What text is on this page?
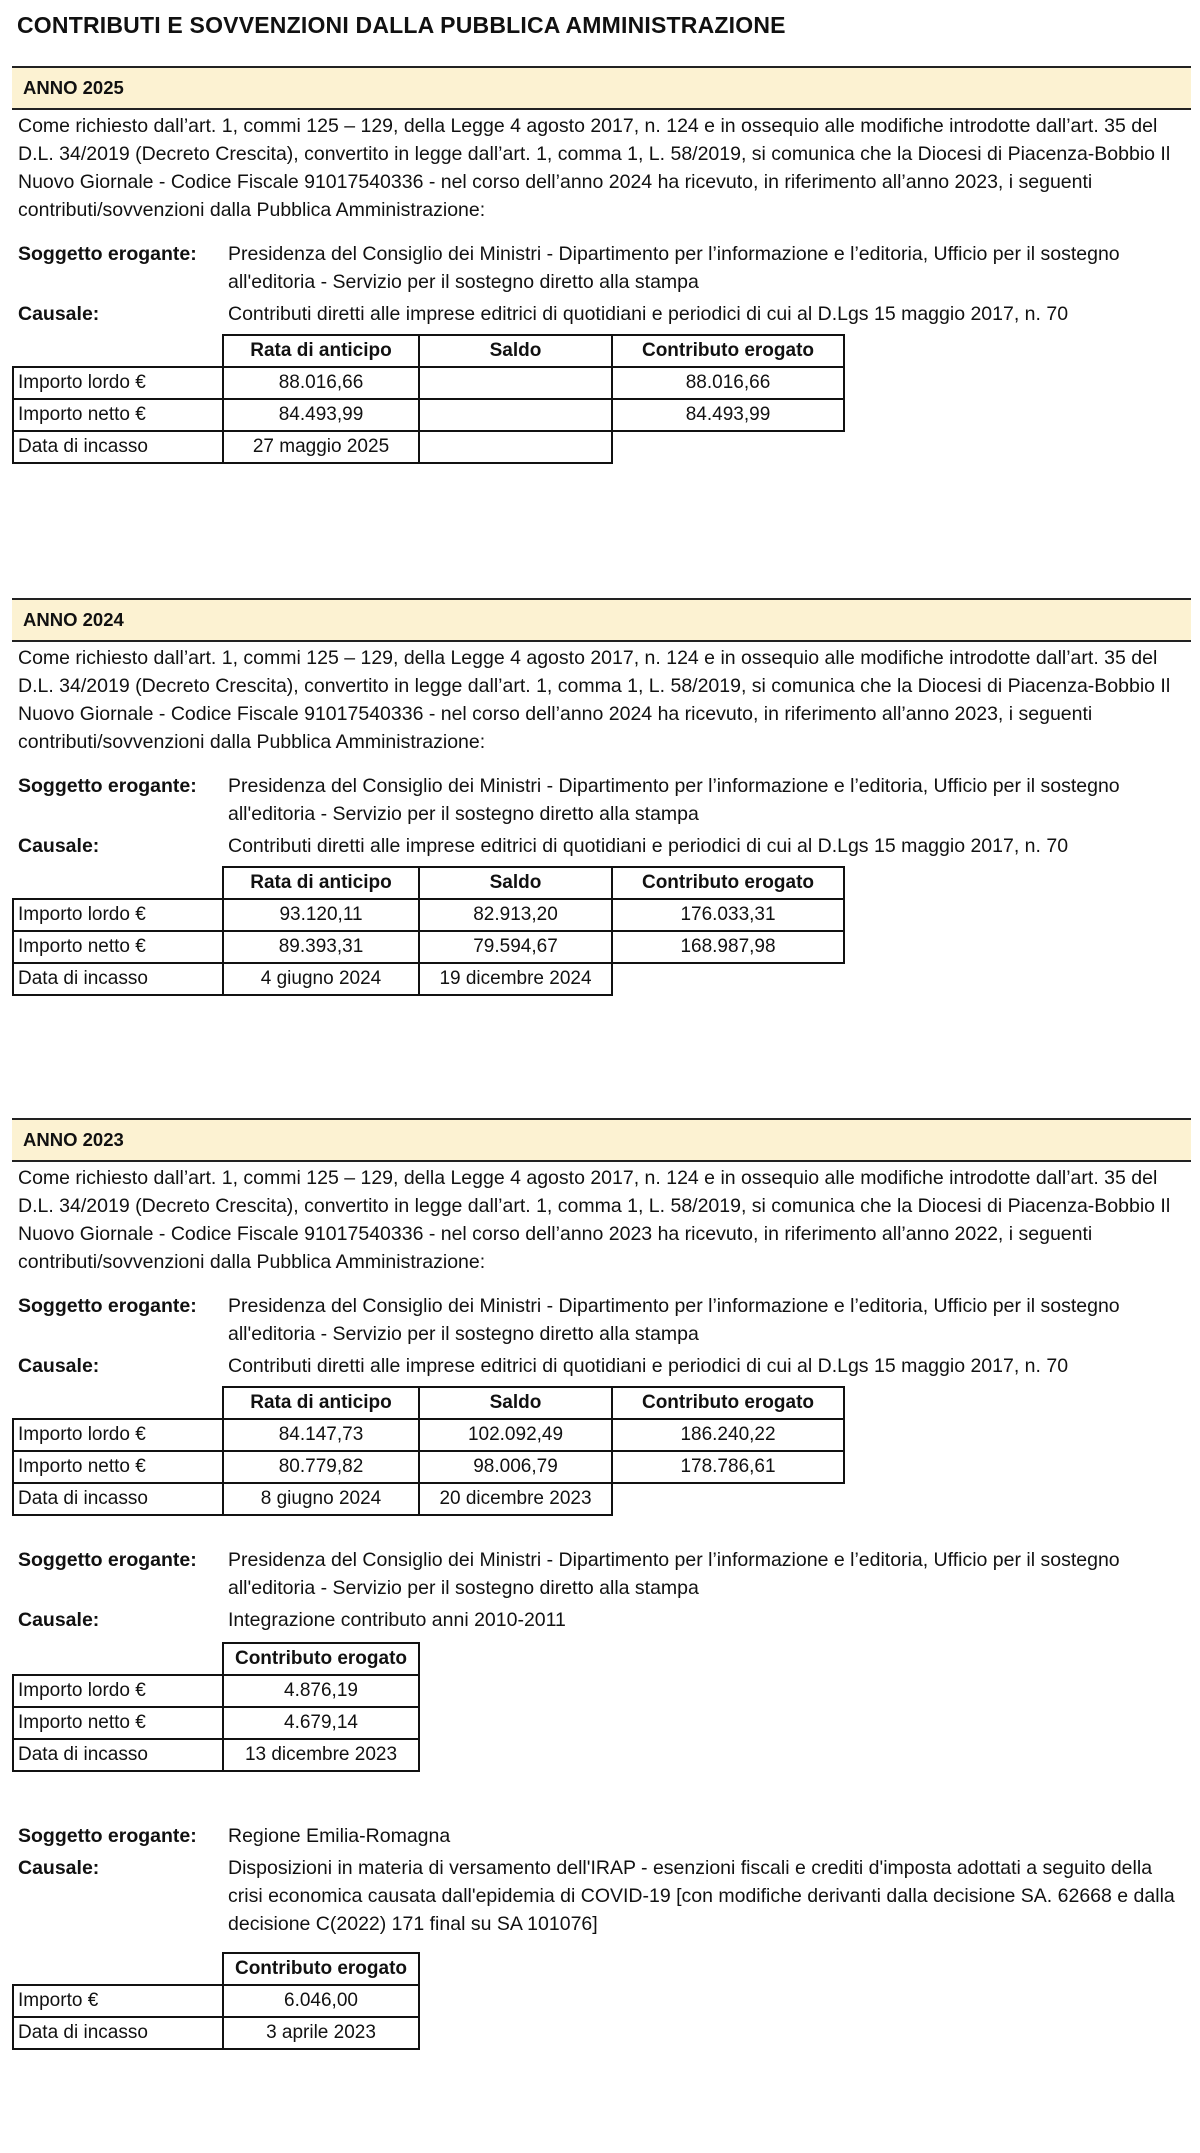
CONTRIBUTI E SOVVENZIONI DALLA PUBBLICA AMMINISTRAZIONE
ANNO 2025

Come richiesto dall’art. 1, commi 125 – 129, della Legge 4 agosto 2017, n. 124 e in ossequio alle modifiche introdotte dall’art. 35 del D.L. 34/2019 (Decreto Crescita), convertito in legge dall’art. 1, comma 1, L. 58/2019, si comunica che la Diocesi di Piacenza-Bobbio Il Nuovo Giornale - Codice Fiscale 91017540336 - nel corso dell’anno 2024 ha ricevuto, in riferimento all’anno 2023, i seguenti contributi/sovvenzioni dalla Pubblica Amministrazione:

Soggetto erogante: Presidenza del Consiglio dei Ministri - Dipartimento per l’informazione e l’editoria, Ufficio per il sostegno all'editoria - Servizio per il sostegno diretto alla stampa
Causale:	Contributi diretti alle imprese editrici di quotidiani e periodici di cui al D.Lgs 15 maggio 2017, n. 70
	Rata di anticipo	Saldo	Contributo erogato
Importo lordo €	88.016,66		88.016,66
Importo netto €	84.493,99		84.493,99
Data di incasso	27 maggio 2025		
ANNO 2024

Come richiesto dall’art. 1, commi 125 – 129, della Legge 4 agosto 2017, n. 124 e in ossequio alle modifiche introdotte dall’art. 35 del D.L. 34/2019 (Decreto Crescita), convertito in legge dall’art. 1, comma 1, L. 58/2019, si comunica che la Diocesi di Piacenza-Bobbio Il Nuovo Giornale - Codice Fiscale 91017540336 - nel corso dell’anno 2024 ha ricevuto, in riferimento all’anno 2023, i seguenti contributi/sovvenzioni dalla Pubblica Amministrazione:

Soggetto erogante: Presidenza del Consiglio dei Ministri - Dipartimento per l’informazione e l’editoria, Ufficio per il sostegno all'editoria - Servizio per il sostegno diretto alla stampa
Causale:	Contributi diretti alle imprese editrici di quotidiani e periodici di cui al D.Lgs 15 maggio 2017, n. 70
	Rata di anticipo	Saldo	Contributo erogato
Importo lordo €	93.120,11	82.913,20	176.033,31
Importo netto €	89.393,31	79.594,67	168.987,98
Data di incasso	4 giugno 2024	19 dicembre 2024	
ANNO 2023

Come richiesto dall’art. 1, commi 125 – 129, della Legge 4 agosto 2017, n. 124 e in ossequio alle modifiche introdotte dall’art. 35 del D.L. 34/2019 (Decreto Crescita), convertito in legge dall’art. 1, comma 1, L. 58/2019, si comunica che la Diocesi di Piacenza-Bobbio Il Nuovo Giornale - Codice Fiscale 91017540336 - nel corso dell’anno 2023 ha ricevuto, in riferimento all’anno 2022, i seguenti contributi/sovvenzioni dalla Pubblica Amministrazione:

Soggetto erogante: Presidenza del Consiglio dei Ministri - Dipartimento per l’informazione e l’editoria, Ufficio per il sostegno all'editoria - Servizio per il sostegno diretto alla stampa
Causale:	Contributi diretti alle imprese editrici di quotidiani e periodici di cui al D.Lgs 15 maggio 2017, n. 70
	Rata di anticipo	Saldo	Contributo erogato
Importo lordo €	84.147,73	102.092,49	186.240,22
Importo netto €	80.779,82	98.006,79	178.786,61
Data di incasso	8 giugno 2024	20 dicembre 2023	
Soggetto erogante: Presidenza del Consiglio dei Ministri - Dipartimento per l’informazione e l’editoria, Ufficio per il sostegno all'editoria - Servizio per il sostegno diretto alla stampa
Causale:	Integrazione contributo anni 2010-2011
	Contributo erogato
Importo lordo €	4.876,19
Importo netto €	4.679,14
Data di incasso	13 dicembre 2023
Soggetto erogante: Regione Emilia-Romagna
Causale:	Disposizioni in materia di versamento dell'IRAP - esenzioni fiscali e crediti d'imposta adottati a seguito della crisi economica causata dall'epidemia di COVID-19 [con modifiche derivanti dalla decisione SA. 62668 e dalla decisione C(2022) 171 final su SA 101076]
	Contributo erogato
Importo €	6.046,00
Data di incasso	3 aprile 2023
